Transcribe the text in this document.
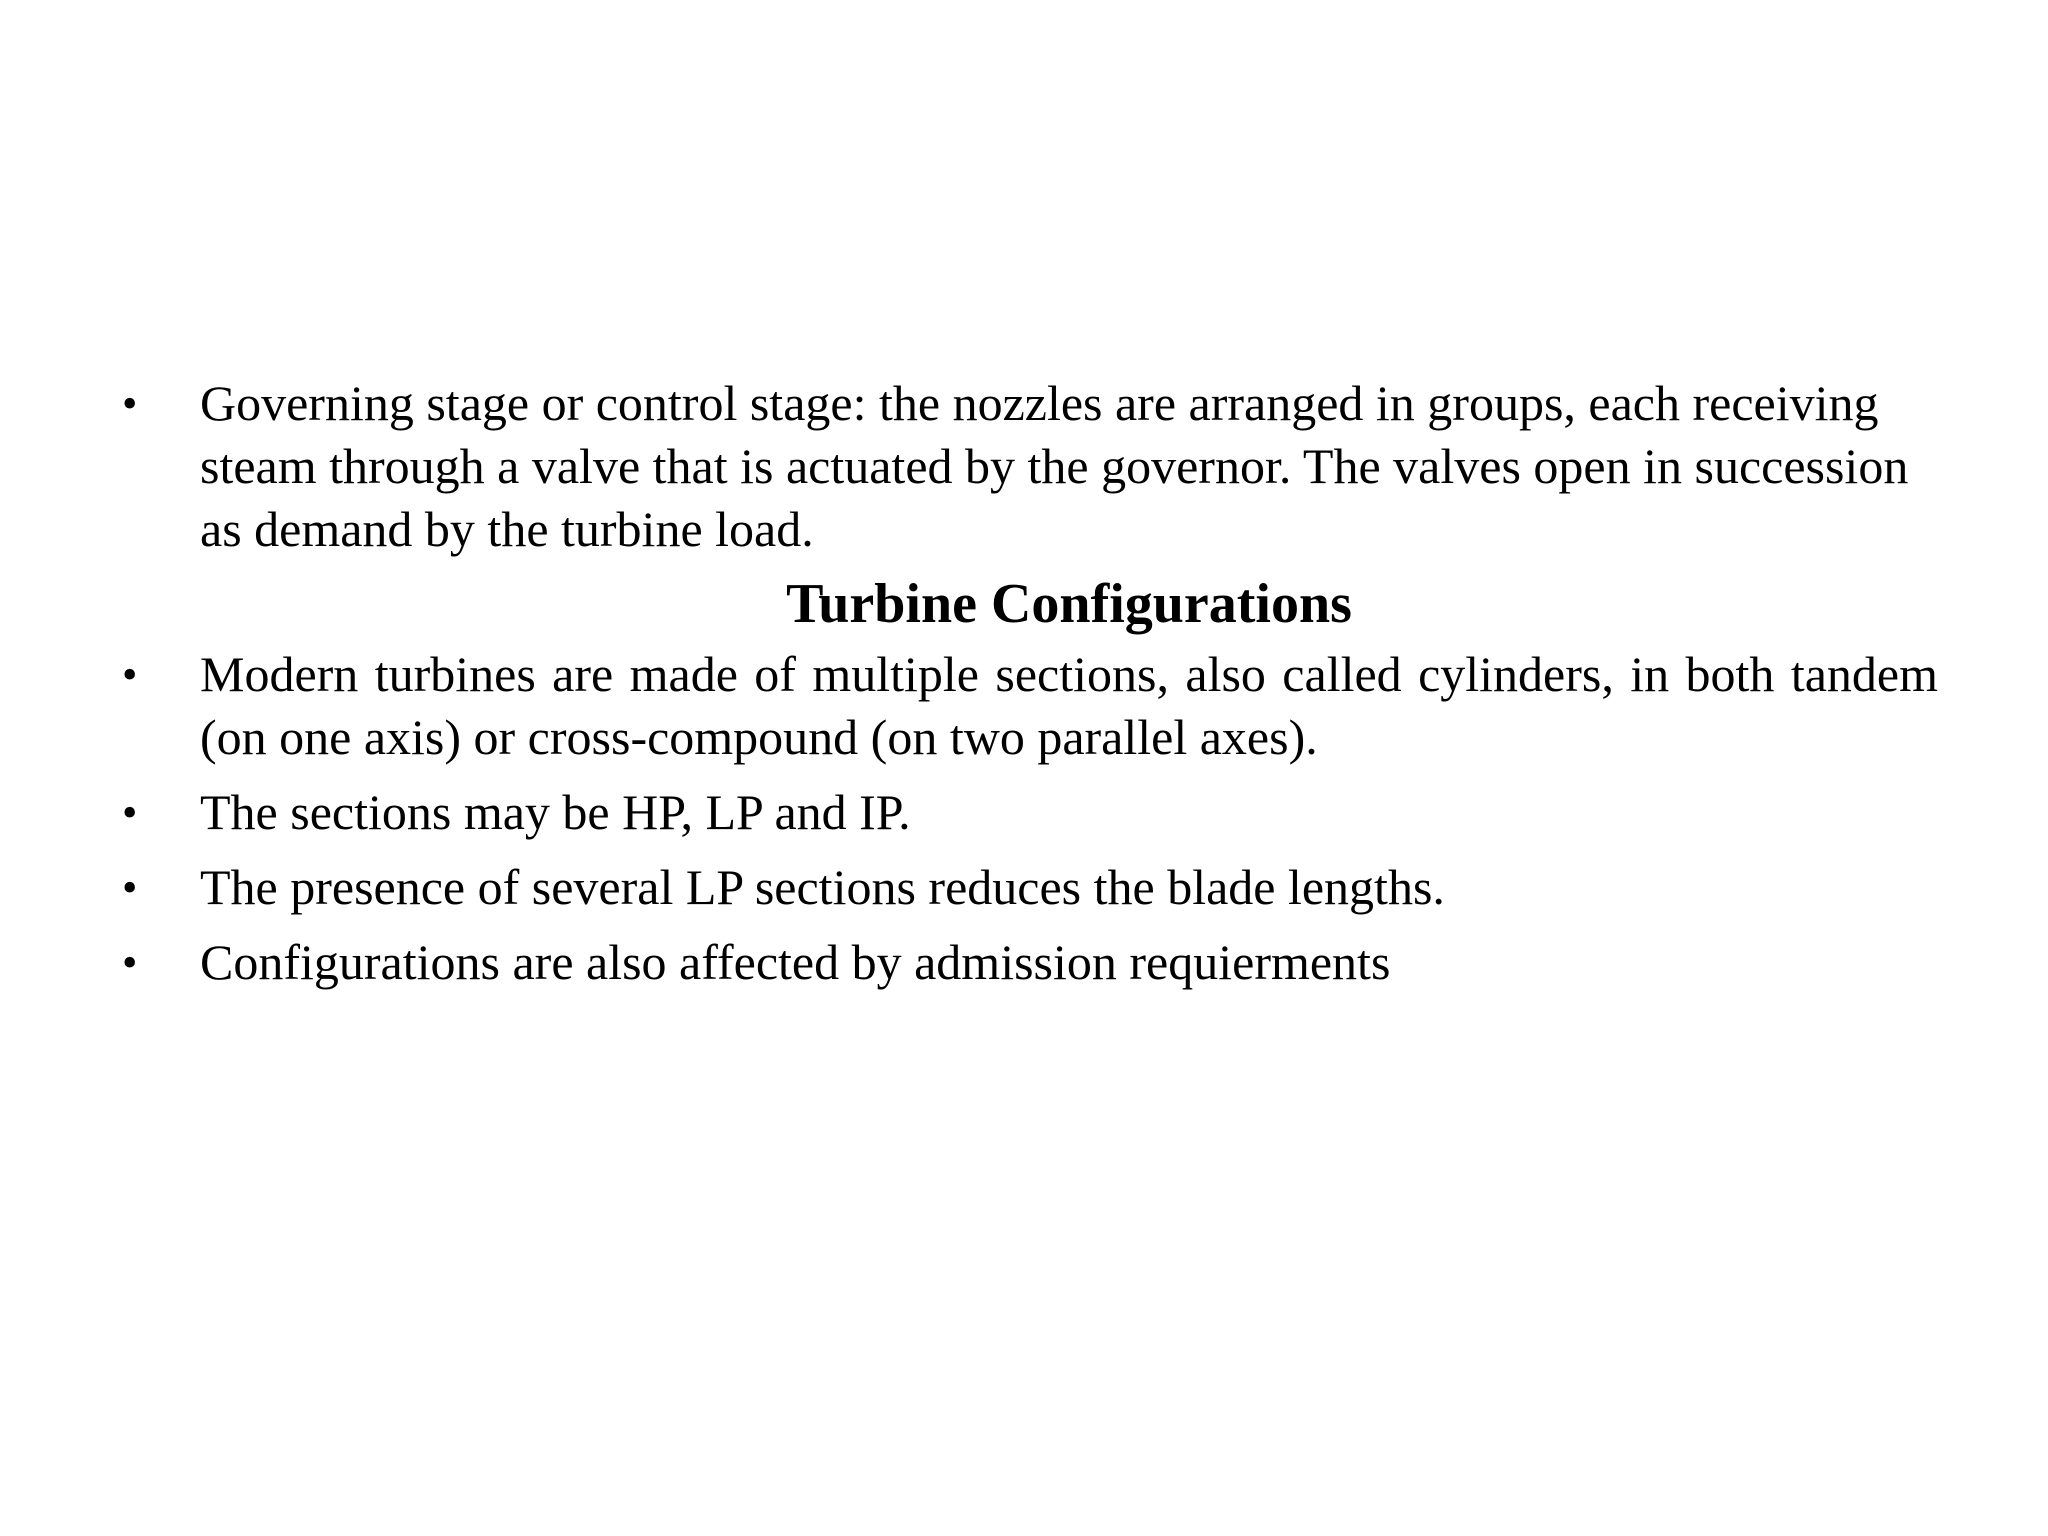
• Governing stage or control stage: the nozzles are arranged in groups, each receiving steam through a valve that is actuated by the governor. The valves open in succession as demand by the turbine load.
Turbine Configurations
• Modern turbines are made of multiple sections, also called cylinders, in both tandem (on one axis) or cross-compound (on two parallel axes).
• The sections may be HP, LP and IP.
• The presence of several LP sections reduces the blade lengths.
• Configurations are also affected by admission requierments
